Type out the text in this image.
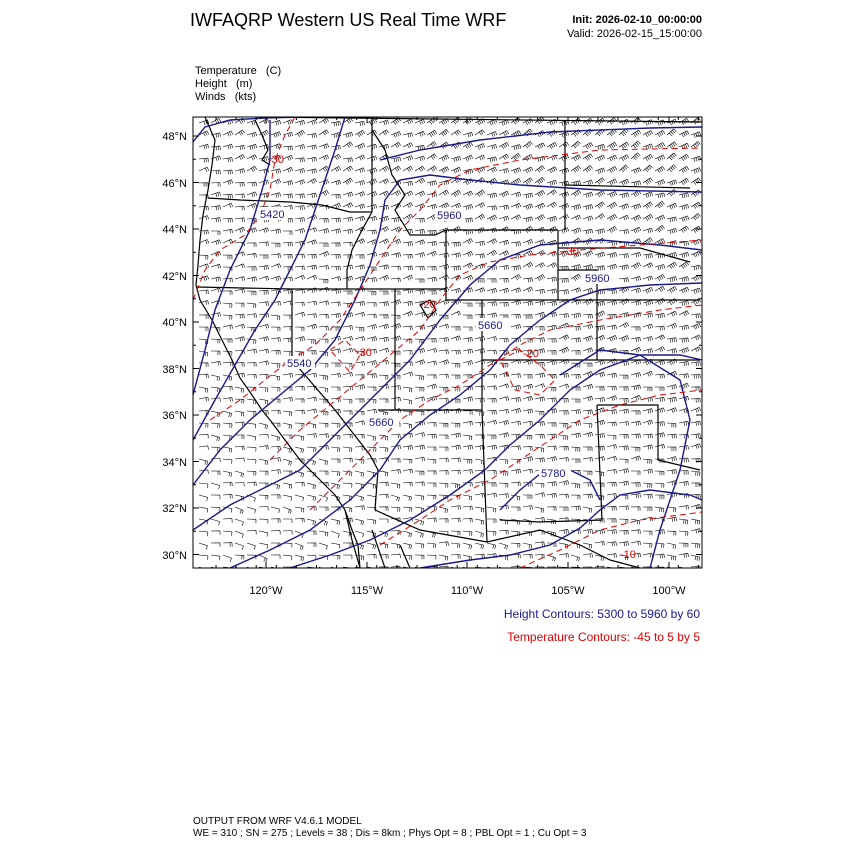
IWFAQRP Western US Real Time WRF	Init: 2026-02-10_00:00:00
Valid: 2026-02-15_15:00:00
Temperature   (C)
Height   (m)
Winds   (kts)
48°N
46°N
44°N
42°N
40°N
38°N
36°N
34°N
32°N
30°N
120°W	115°W	110°W	105°W	100°W
5420	5960
5960
5660
5540
5660
5780
-30
-30
-20
-30	-20
-10
Height Contours: 5300 to 5960 by 60
Temperature Contours: -45 to 5 by 5
OUTPUT FROM WRF V4.6.1 MODEL
WE = 310 ; SN = 275 ; Levels = 38 ; Dis = 8km ; Phys Opt = 8 ; PBL Opt = 1 ; Cu Opt = 3
